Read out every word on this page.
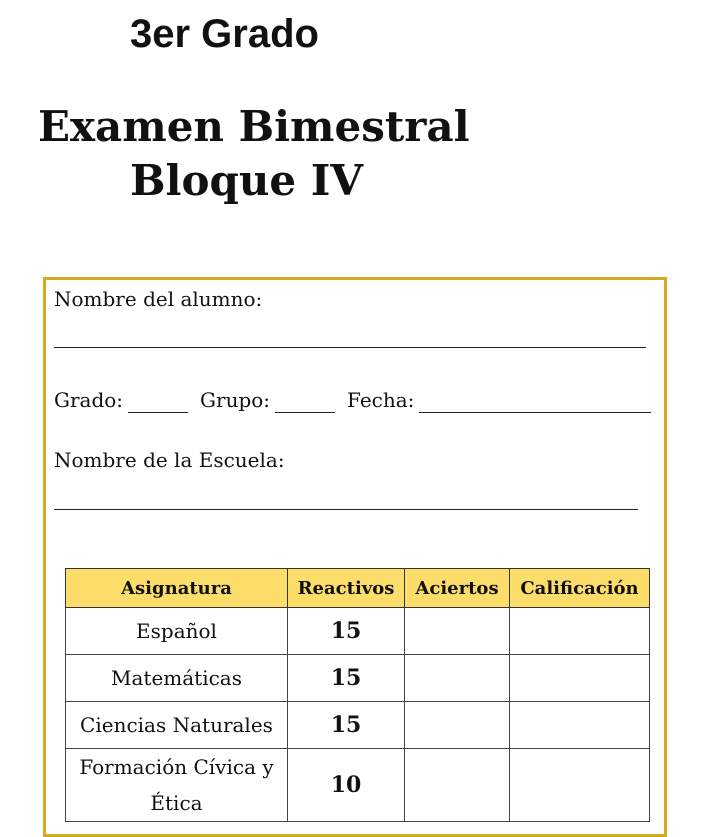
3er Grado
Examen Bimestral
Bloque IV
Nombre del alumno:
Grado:	Grupo:	Fecha:
Nombre de la Escuela:
Asignatura	Reactivos	Aciertos	Calificación
Español	15		
Matemáticas	15		
Ciencias Naturales	15		
Formación Cívica y Ética	10		
